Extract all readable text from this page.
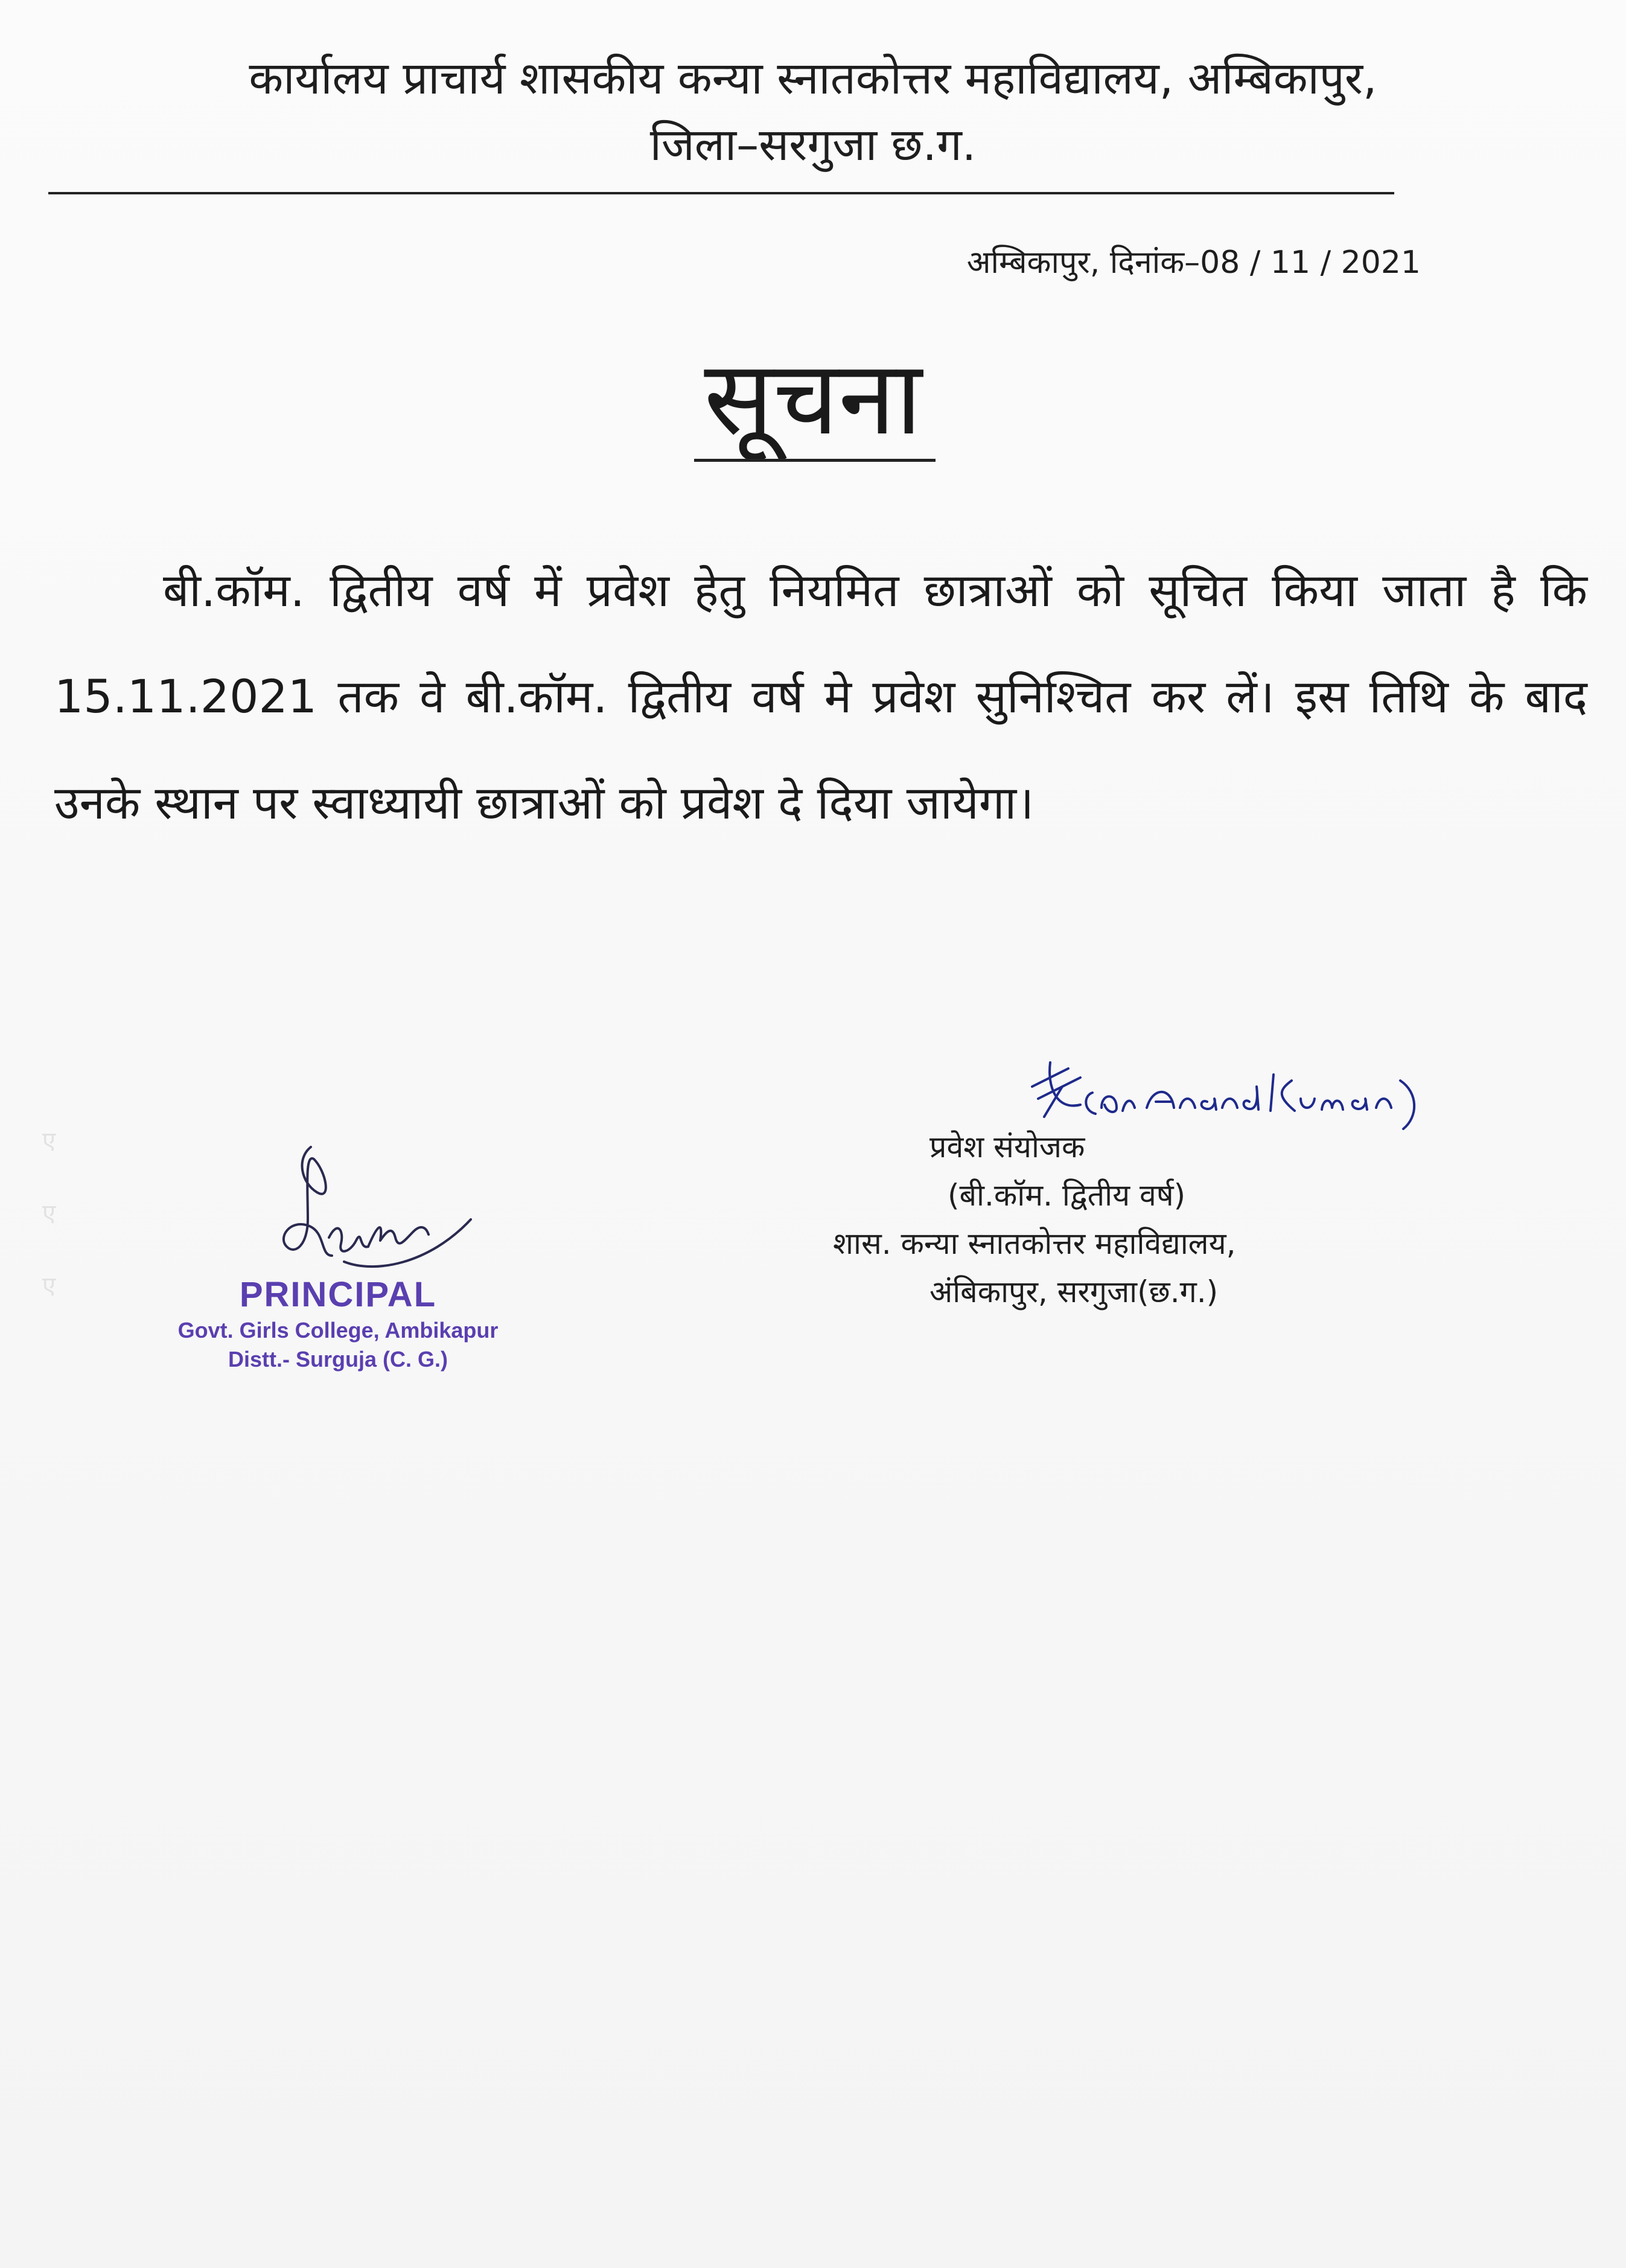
कार्यालय प्राचार्य शासकीय कन्या स्नातकोत्तर महाविद्यालय, अम्बिकापुर,
जिला–सरगुजा छ.ग.
अम्बिकापुर, दिनांक–08 / 11 / 2021
सूचना
बी.कॉम. द्वितीय वर्ष में प्रवेश हेतु नियमित छात्राओं को सूचित किया जाता है कि 15.11.2021 तक वे बी.कॉम. द्वितीय वर्ष मे प्रवेश सुनिश्चित कर लें। इस तिथि के बाद उनके स्थान पर स्वाध्यायी छात्राओं को प्रवेश दे दिया जायेगा।
ए
ए
ए	PRINCIPAL
Govt. Girls College, Ambikapur
Distt.- Surguja (C. G.)
प्रवेश संयोजक
(बी.कॉम. द्वितीय वर्ष)
शास. कन्या स्नातकोत्तर महाविद्यालय,
अंबिकापुर, सरगुजा(छ.ग.)
